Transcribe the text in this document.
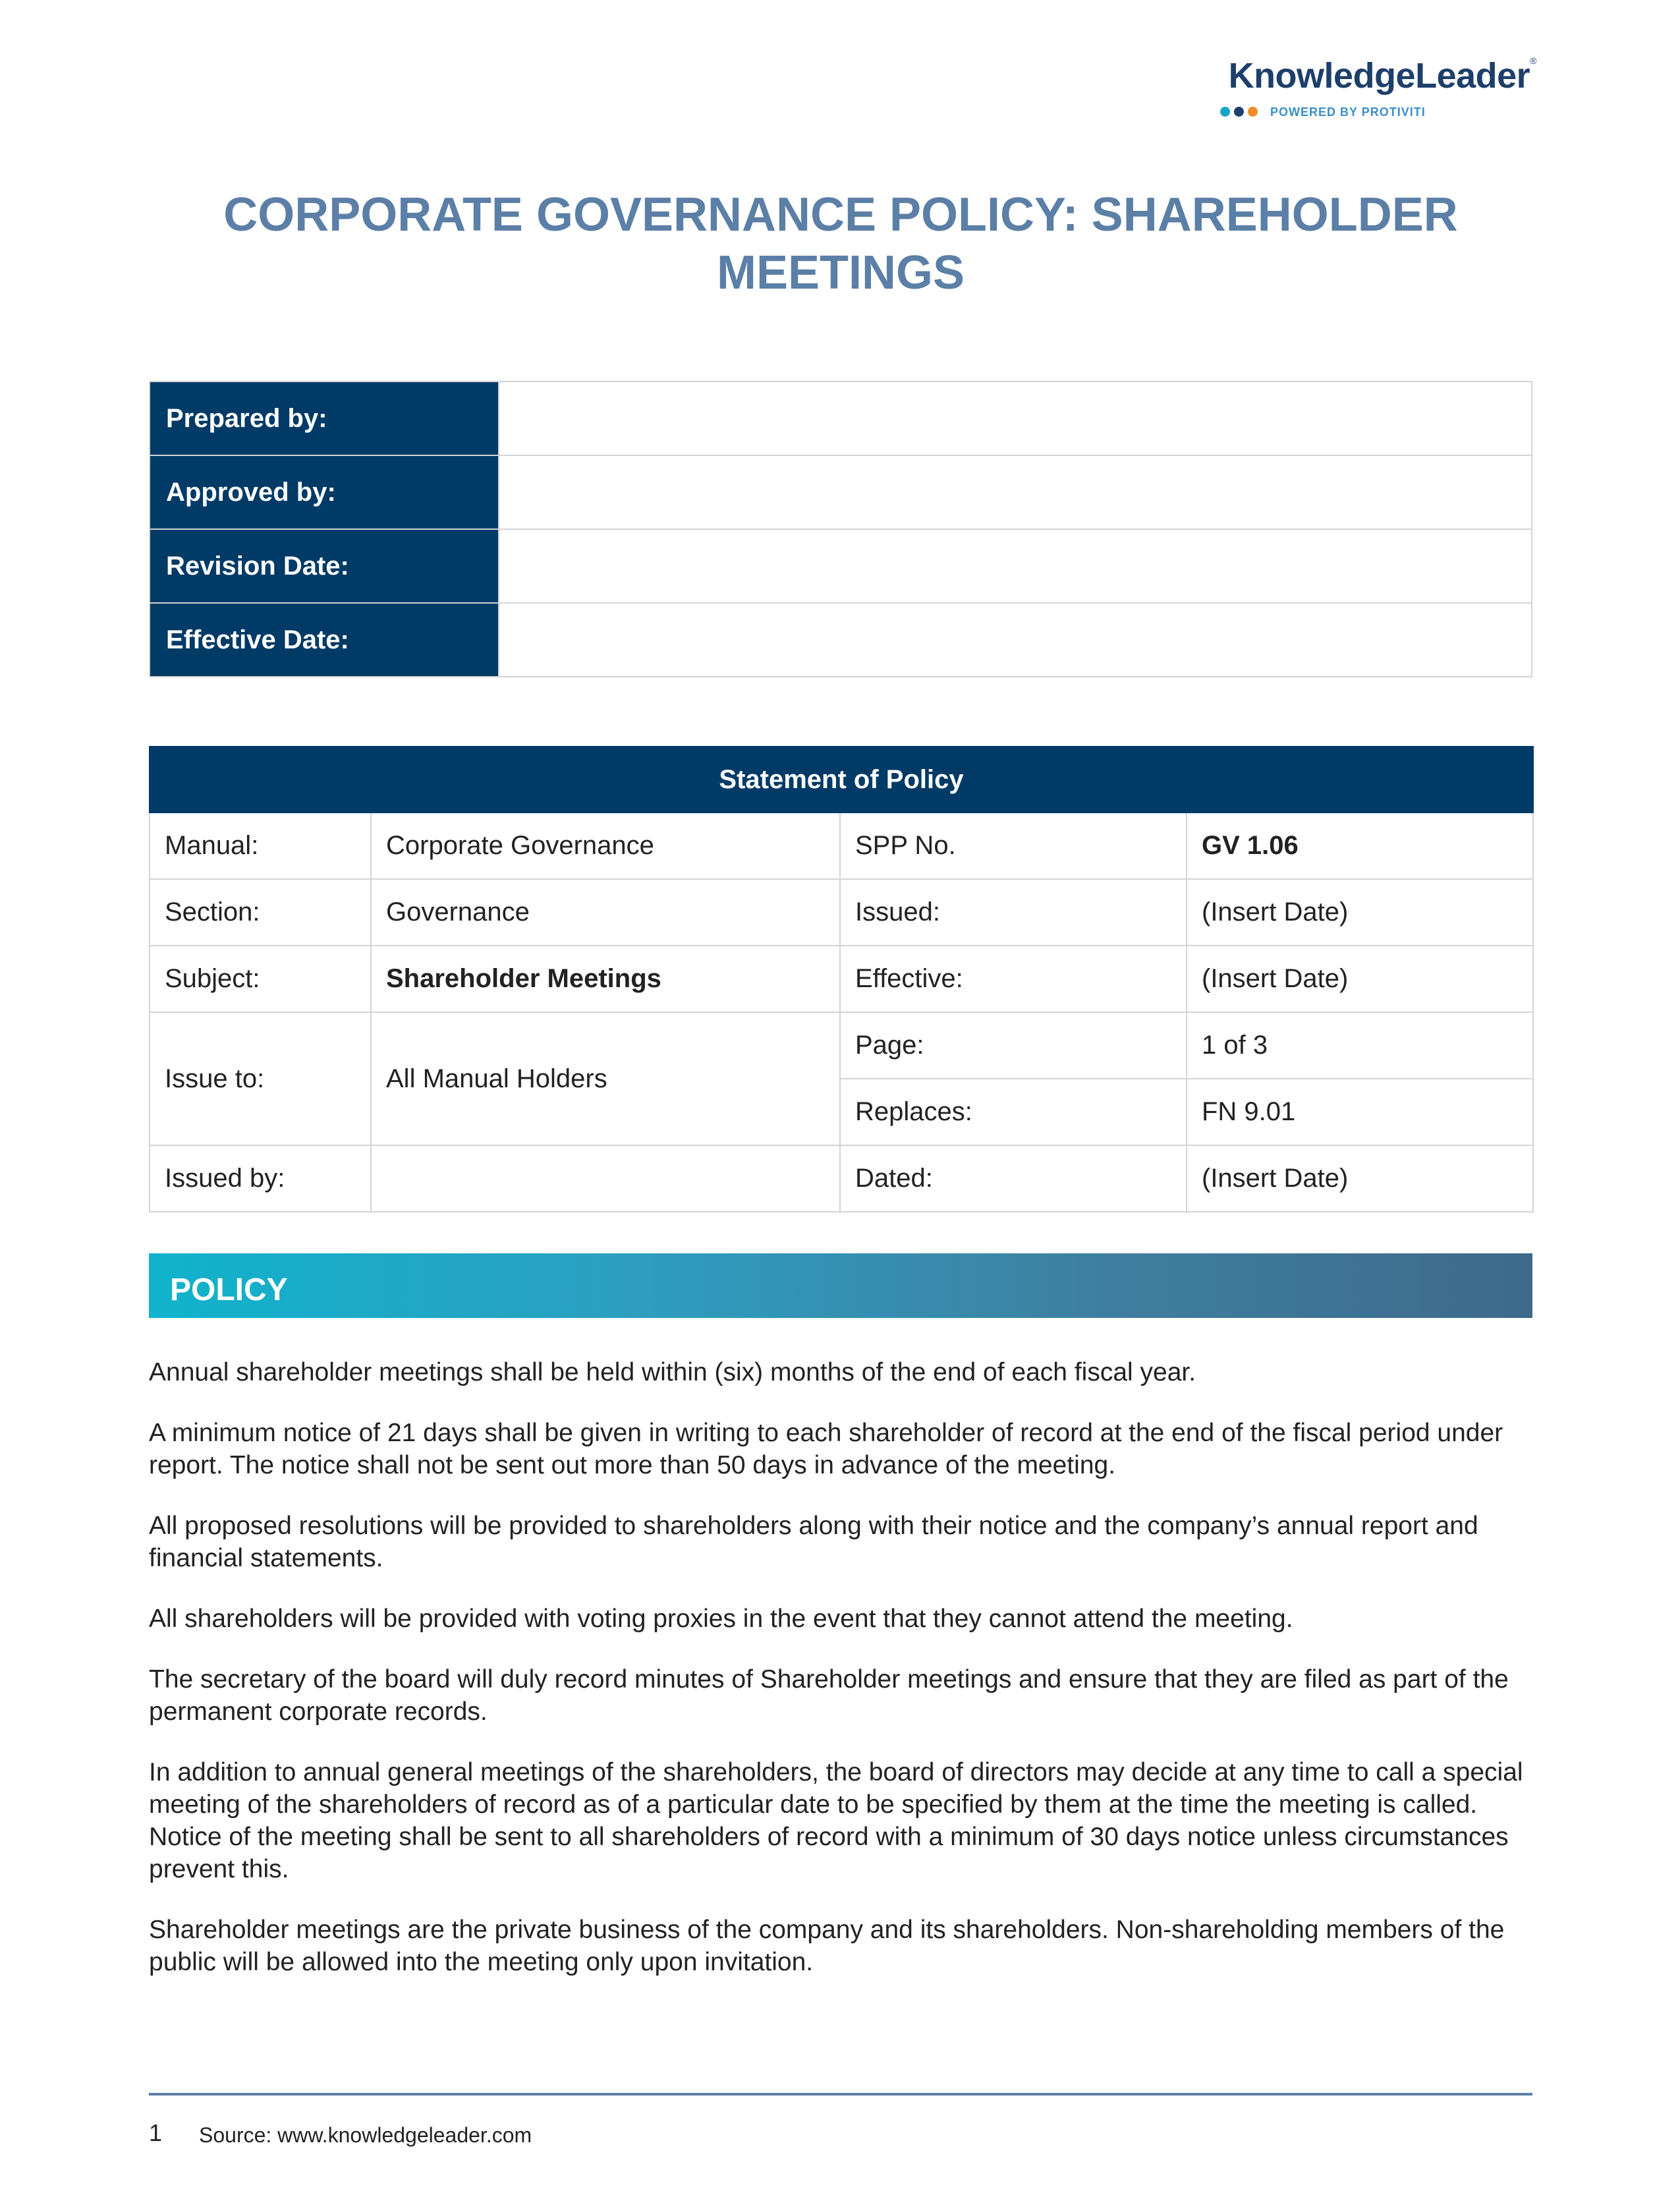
KnowledgeLeader®
POWERED BY PROTIVITI
CORPORATE GOVERNANCE POLICY: SHAREHOLDER MEETINGS
Prepared by:	
Approved by:	
Revision Date:	
Effective Date:	
Statement of Policy			
Manual:	Corporate Governance	SPP No.	GV 1.06
Section:	Governance	Issued:	(Insert Date)
Subject:	Shareholder Meetings	Effective:	(Insert Date)
Issue to:	All Manual Holders	Page:	1 of 3
		Replaces:	FN 9.01
Issued by:		Dated:	(Insert Date)
POLICY

Annual shareholder meetings shall be held within (six) months of the end of each fiscal year.

A minimum notice of 21 days shall be given in writing to each shareholder of record at the end of the fiscal period under report. The notice shall not be sent out more than 50 days in advance of the meeting.

All proposed resolutions will be provided to shareholders along with their notice and the company’s annual report and financial statements.

All shareholders will be provided with voting proxies in the event that they cannot attend the meeting.

The secretary of the board will duly record minutes of Shareholder meetings and ensure that they are filed as part of the permanent corporate records.

In addition to annual general meetings of the shareholders, the board of directors may decide at any time to call a special meeting of the shareholders of record as of a particular date to be specified by them at the time the meeting is called. Notice of the meeting shall be sent to all shareholders of record with a minimum of 30 days notice unless circumstances prevent this.

Shareholder meetings are the private business of the company and its shareholders. Non-shareholding members of the public will be allowed into the meeting only upon invitation.

1 Source: www.knowledgeleader.com
